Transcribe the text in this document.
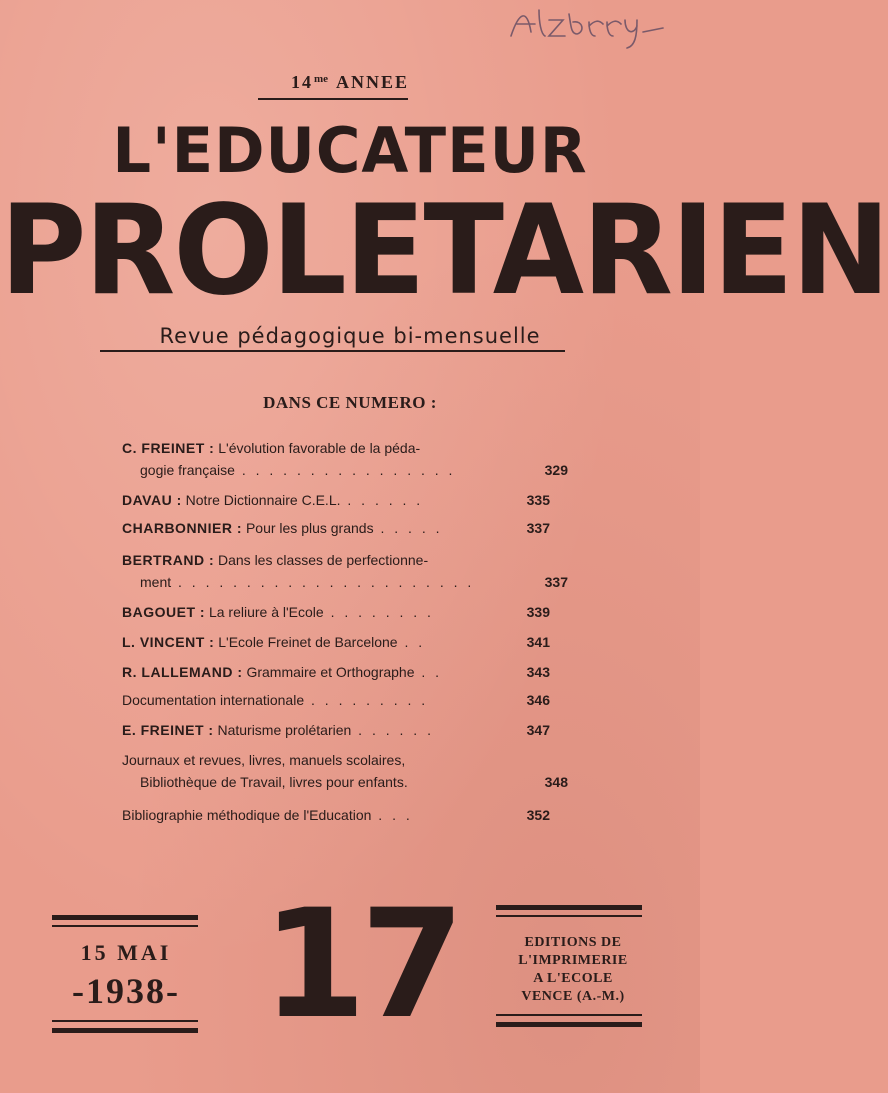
$14^{me}$ ANNEE
L'EDUCATEUR
PROLETARIEN
Revue pédagogique bi-mensuelle
DANS CE NUMERO :
C. FREINET : L'évolution favorable de la péda-
gogie française . . . . . . . . . . . . . . . .	329
DAVAU : Notre Dictionnaire C.E.L. . . . . . .	335
CHARBONNIER : Pour les plus grands . . . . .	337
BERTRAND : Dans les classes de perfectionne-
ment . . . . . . . . . . . . . . . . . . . . . .	337
BAGOUET : La reliure à l'Ecole . . . . . . . .	339
L. VINCENT : L'Ecole Freinet de Barcelone . .	341
R. LALLEMAND : Grammaire et Orthographe . .	343
Documentation internationale . . . . . . . . .	346
E. FREINET : Naturisme prolétarien . . . . . .	347
Journaux et revues, livres, manuels scolaires,
Bibliothèque de Travail, livres pour enfants.	348
Bibliographie méthodique de l'Education . . .	352
15 MAI
-1938- 17	EDITIONS DE
L'IMPRIMERIE
A L'ECOLE
VENCE (A.-M.)
